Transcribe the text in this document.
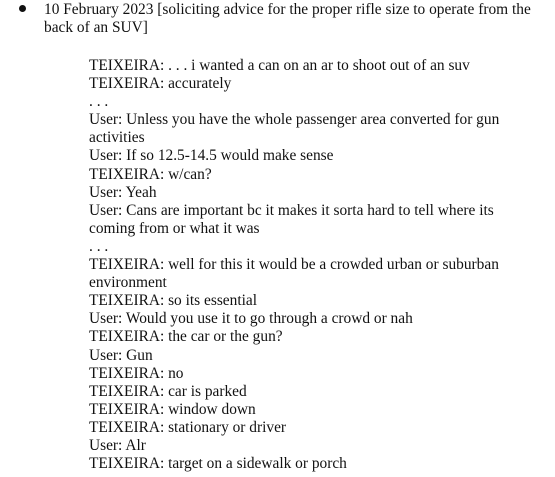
10 February 2023 [soliciting advice for the proper rifle size to operate from the back of an SUV]
TEIXEIRA: . . . i wanted a can on an ar to shoot out of an suv
TEIXEIRA: accurately
. . .
User: Unless you have the whole passenger area converted for gun activities
User: If so 12.5-14.5 would make sense
TEIXEIRA: w/can?
User: Yeah
User: Cans are important bc it makes it sorta hard to tell where its coming from or what it was
. . .
TEIXEIRA: well for this it would be a crowded urban or suburban environment
TEIXEIRA: so its essential
User: Would you use it to go through a crowd or nah
TEIXEIRA: the car or the gun?
User: Gun
TEIXEIRA: no
TEIXEIRA: car is parked
TEIXEIRA: window down
TEIXEIRA: stationary or driver
User: Alr
TEIXEIRA: target on a sidewalk or porch
